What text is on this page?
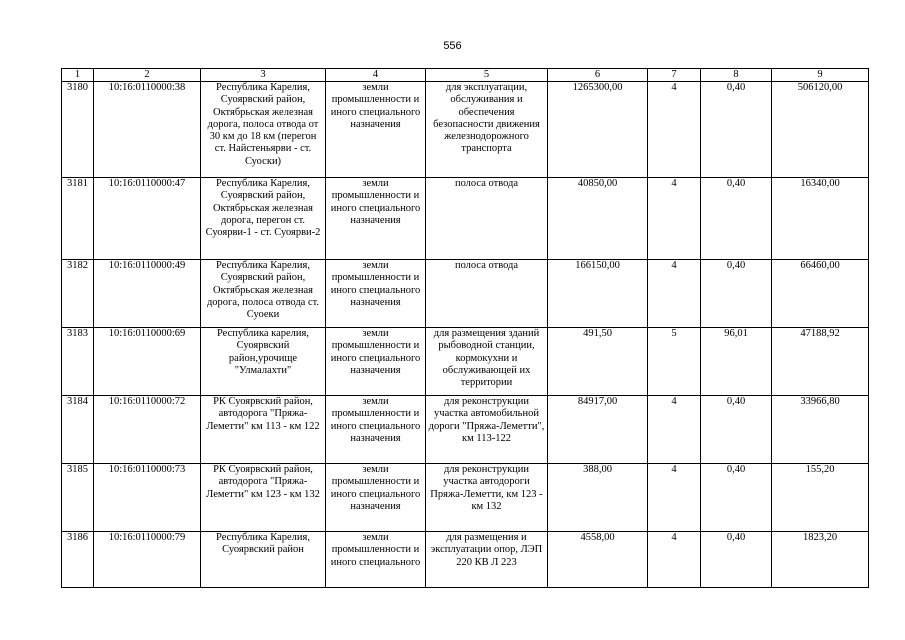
556
1	2	3	4	5	6	7	8	9
3180	10:16:0110000:38	Республика Карелия, Суоярвский район, Октябрьская железная дорога, полоса отвода от 30 км до 18 км (перегон ст. Найстеньярви - ст. Суоски)	земли промышленности и иного специального назначения	для эксплуатации, обслуживания и обеспечения безопасности движения железнодорожного транспорта	1265300,00	4	0,40	506120,00
3181	10:16:0110000:47	Республика Карелия, Суоярвский район, Октябрьская железная дорога, перегон ст. Суоярви-1 - ст. Суоярви-2	земли промышленности и иного специального назначения	полоса отвода	40850,00	4	0,40	16340,00
3182	10:16:0110000:49	Республика Карелия, Суоярвский район, Октябрьская железная дорога, полоса отвода ст. Суоеки	земли промышленности и иного специального назначения	полоса отвода	166150,00	4	0,40	66460,00
3183	10:16:0110000:69	Республика карелия, Суоярвский район,урочище "Улмалахти"	земли промышленности и иного специального назначения	для размещения зданий рыбоводной станции, кормокухни и обслуживающей их территории	491,50	5	96,01	47188,92
3184	10:16:0110000:72	РК Суоярвский район, автодорога "Пряжа-Леметти" км 113 - км 122	земли промышленности и иного специального назначения	для реконструкции участка автомобильной дороги "Пряжа-Леметти", км 113-122	84917,00	4	0,40	33966,80
3185	10:16:0110000:73	РК Суоярвский район, автодорога "Пряжа-Леметти" км 123 - км 132	земли промышленности и иного специального назначения	для реконструкции участка автодороги Пряжа-Леметти, км 123 - км 132	388,00	4	0,40	155,20
3186	10:16:0110000:79	Республика Карелия, Суоярвский район	земли промышленности и иного специального	для размещения и эксплуатации опор, ЛЭП 220 КВ Л 223	4558,00	4	0,40	1823,20
